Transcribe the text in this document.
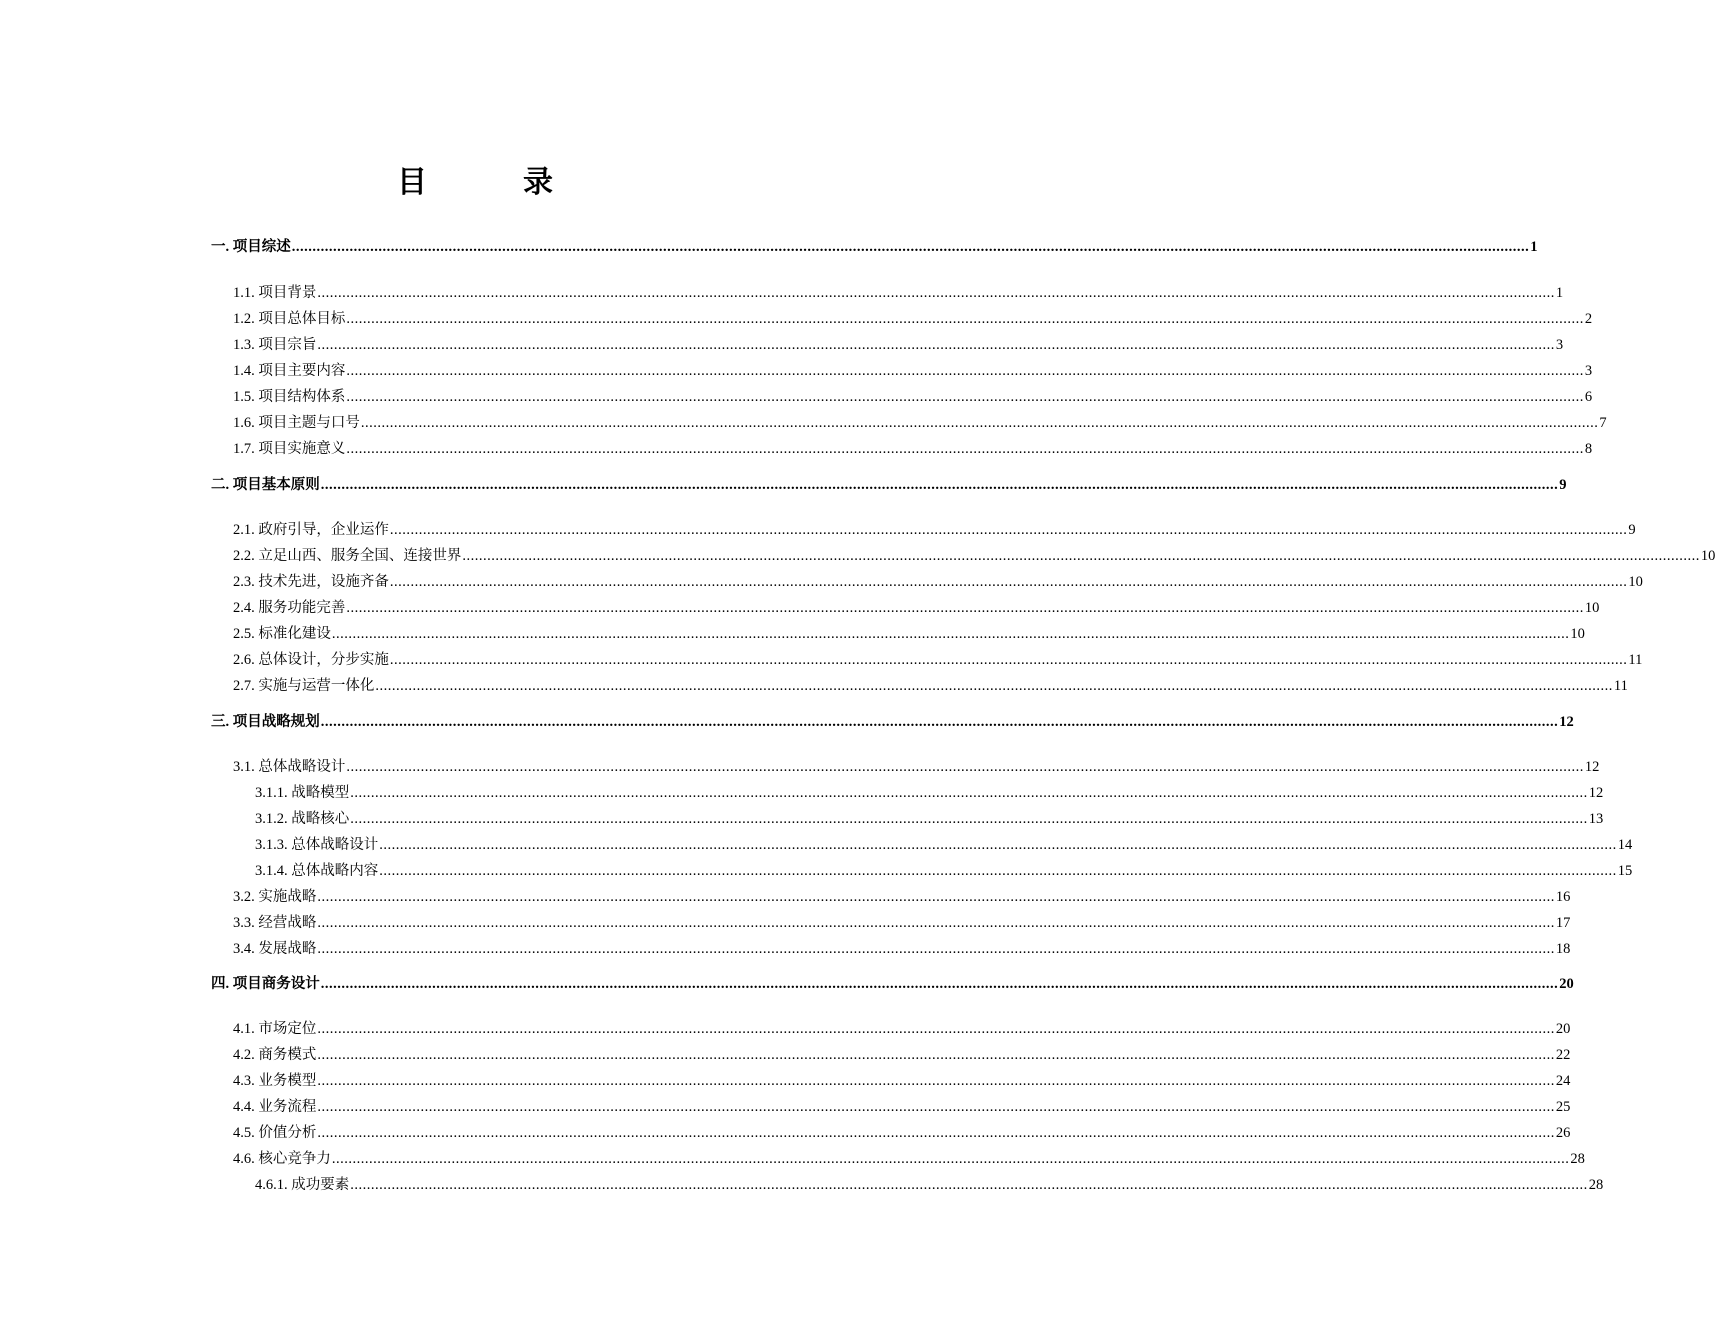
目	录
一. 项目综述 ............................................................................................................................................................................................................................................................................................................ 1
1.1. 项目背景 ............................................................................................................................................................................................................................................................................................................ 1
1.2. 项目总体目标 ............................................................................................................................................................................................................................................................................................................ 2
1.3. 项目宗旨 ............................................................................................................................................................................................................................................................................................................ 3
1.4. 项目主要内容 ............................................................................................................................................................................................................................................................................................................ 3
1.5. 项目结构体系 ............................................................................................................................................................................................................................................................................................................ 6
1.6. 项目主题与口号 ............................................................................................................................................................................................................................................................................................................ 7
1.7. 项目实施意义 ............................................................................................................................................................................................................................................................................................................ 8
二. 项目基本原则 ............................................................................................................................................................................................................................................................................................................ 9
2.1. 政府引导，企业运作 ............................................................................................................................................................................................................................................................................................................ 9
2.2. 立足山西、服务全国、连接世界 ............................................................................................................................................................................................................................................................................................................ 10
2.3. 技术先进，设施齐备 ............................................................................................................................................................................................................................................................................................................ 10
2.4. 服务功能完善 ............................................................................................................................................................................................................................................................................................................ 10
2.5. 标准化建设 ............................................................................................................................................................................................................................................................................................................ 10
2.6. 总体设计，分步实施 ............................................................................................................................................................................................................................................................................................................ 11
2.7. 实施与运营一体化 ............................................................................................................................................................................................................................................................................................................ 11
三. 项目战略规划 ............................................................................................................................................................................................................................................................................................................ 12
3.1. 总体战略设计 ............................................................................................................................................................................................................................................................................................................ 12
3.1.1. 战略模型 ............................................................................................................................................................................................................................................................................................................ 12
3.1.2. 战略核心 ............................................................................................................................................................................................................................................................................................................ 13
3.1.3. 总体战略设计 ............................................................................................................................................................................................................................................................................................................ 14
3.1.4. 总体战略内容 ............................................................................................................................................................................................................................................................................................................ 15
3.2. 实施战略 ............................................................................................................................................................................................................................................................................................................ 16
3.3. 经营战略 ............................................................................................................................................................................................................................................................................................................ 17
3.4. 发展战略 ............................................................................................................................................................................................................................................................................................................ 18
四. 项目商务设计 ............................................................................................................................................................................................................................................................................................................ 20
4.1. 市场定位 ............................................................................................................................................................................................................................................................................................................ 20
4.2. 商务模式 ............................................................................................................................................................................................................................................................................................................ 22
4.3. 业务模型 ............................................................................................................................................................................................................................................................................................................ 24
4.4. 业务流程 ............................................................................................................................................................................................................................................................................................................ 25
4.5. 价值分析 ............................................................................................................................................................................................................................................................................................................ 26
4.6. 核心竞争力 ............................................................................................................................................................................................................................................................................................................ 28
4.6.1. 成功要素 ............................................................................................................................................................................................................................................................................................................ 28
